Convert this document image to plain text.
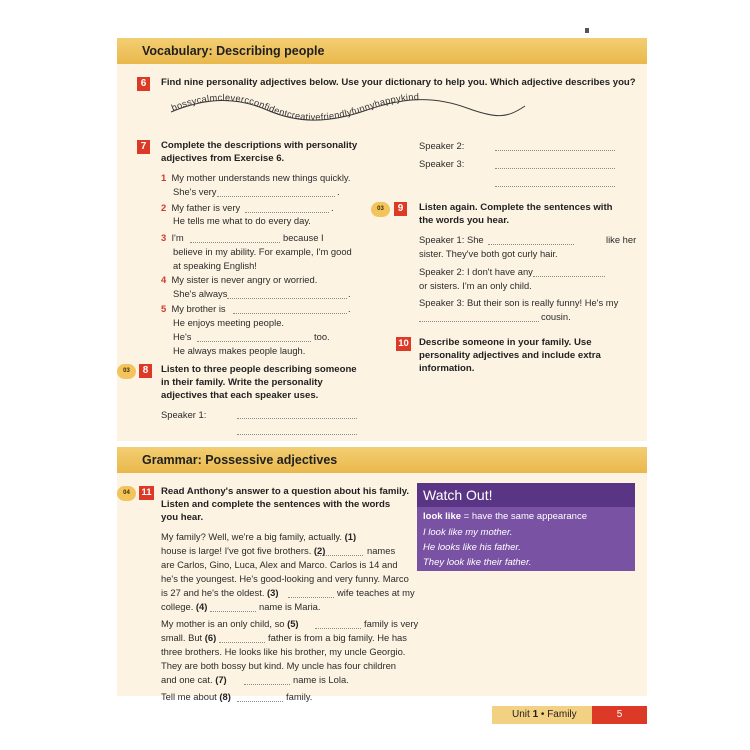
Vocabulary: Describing people
6	Find nine personality adjectives below. Use your dictionary to help you. Which adjective describes you?
bossycalmclevercconfidentcreativefriendlyfunnyhappykind
7	Complete the descriptions with personality
adjectives from Exercise 6.
1 My mother understands new things quickly.
She's very	.
2 My father is very	.
He tells me what to do every day.
3 I'm	because I
believe in my ability. For example, I'm good
at speaking English!
4 My sister is never angry or worried.
She's always	.
5 My brother is	.
He enjoys meeting people.
He's	too.
He always makes people laugh.
03	8	Listen to three people describing someone
in their family. Write the personality
adjectives that each speaker uses.
Speaker 1:
Speaker 2:
Speaker 3:
03	9	Listen again. Complete the sentences with
the words you hear.
Speaker 1: She	like her
sister. They've both got curly hair.
Speaker 2: I don't have any
or sisters. I'm an only child.
Speaker 3: But their son is really funny! He's my
cousin.
10 Describe someone in your family. Use
personality adjectives and include extra
information.
Grammar: Possessive adjectives
04	11 Read Anthony's answer to a question about his family.
Listen and complete the sentences with the words
you hear.
My family? Well, we're a big family, actually. (1)
house is large! I've got five brothers. (2)	names
are Carlos, Gino, Luca, Alex and Marco. Carlos is 14 and
he's the youngest. He's good-looking and very funny. Marco
is 27 and he's the oldest. (3)	wife teaches at my
college. (4)	name is Maria.
My mother is an only child, so (5)	family is very
small. But (6)	father is from a big family. He has
three brothers. He looks like his brother, my uncle Georgio.
They are both bossy but kind. My uncle has four children
and one cat. (7)	name is Lola.
Tell me about (8)	family.
Watch Out!
look like = have the same appearance
I look like my mother.
He looks like his father.
They look like their father.
Unit 1 • Family	5
